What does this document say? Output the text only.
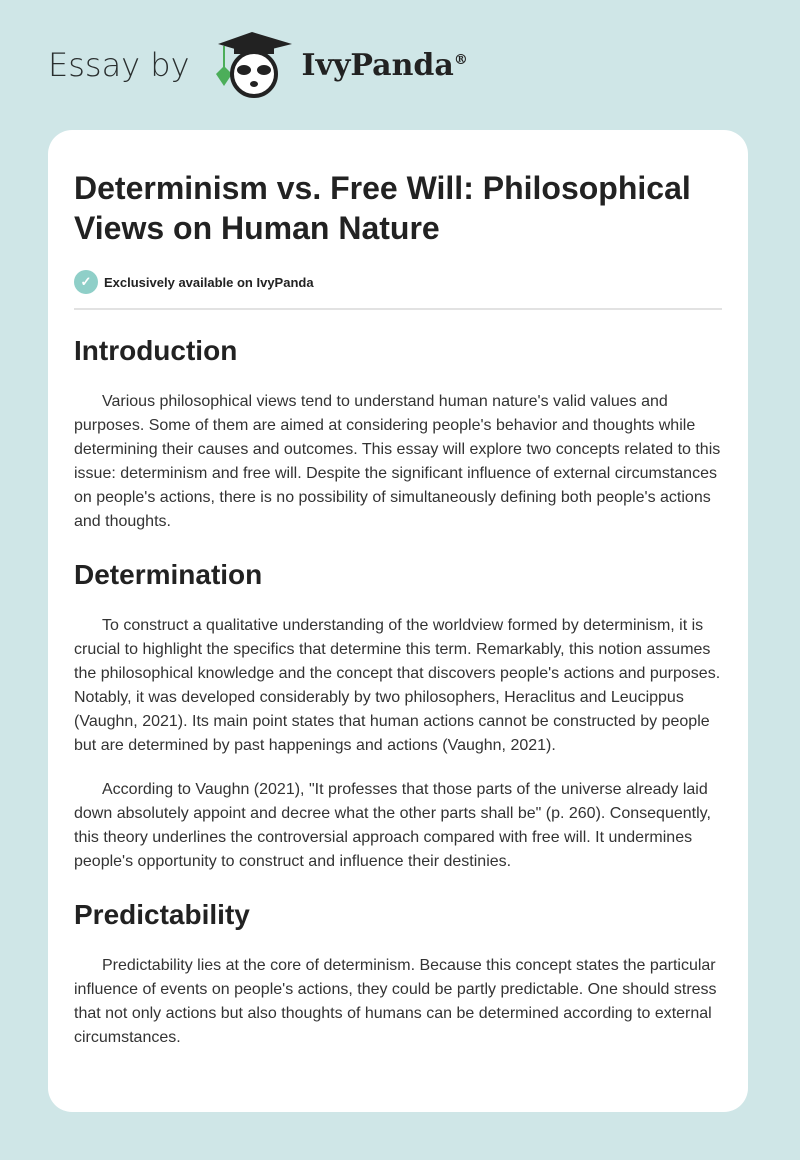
Essay by	IvyPanda®
Determinism vs. Free Will: Philosophical Views on Human Nature
✓ Exclusively available on IvyPanda
Introduction

Various philosophical views tend to understand human nature's valid values and purposes. Some of them are aimed at considering people's behavior and thoughts while determining their causes and outcomes. This essay will explore two concepts related to this issue: determinism and free will. Despite the significant influence of external circumstances on people's actions, there is no possibility of simultaneously defining both people's actions and thoughts.

Determination

To construct a qualitative understanding of the worldview formed by determinism, it is crucial to highlight the specifics that determine this term. Remarkably, this notion assumes the philosophical knowledge and the concept that discovers people's actions and purposes. Notably, it was developed considerably by two philosophers, Heraclitus and Leucippus (Vaughn, 2021). Its main point states that human actions cannot be constructed by people but are determined by past happenings and actions (Vaughn, 2021).

According to Vaughn (2021), "It professes that those parts of the universe already laid down absolutely appoint and decree what the other parts shall be" (p. 260). Consequently, this theory underlines the controversial approach compared with free will. It undermines people's opportunity to construct and influence their destinies.

Predictability

Predictability lies at the core of determinism. Because this concept states the particular influence of events on people's actions, they could be partly predictable. One should stress that not only actions but also thoughts of humans can be determined according to external circumstances.
